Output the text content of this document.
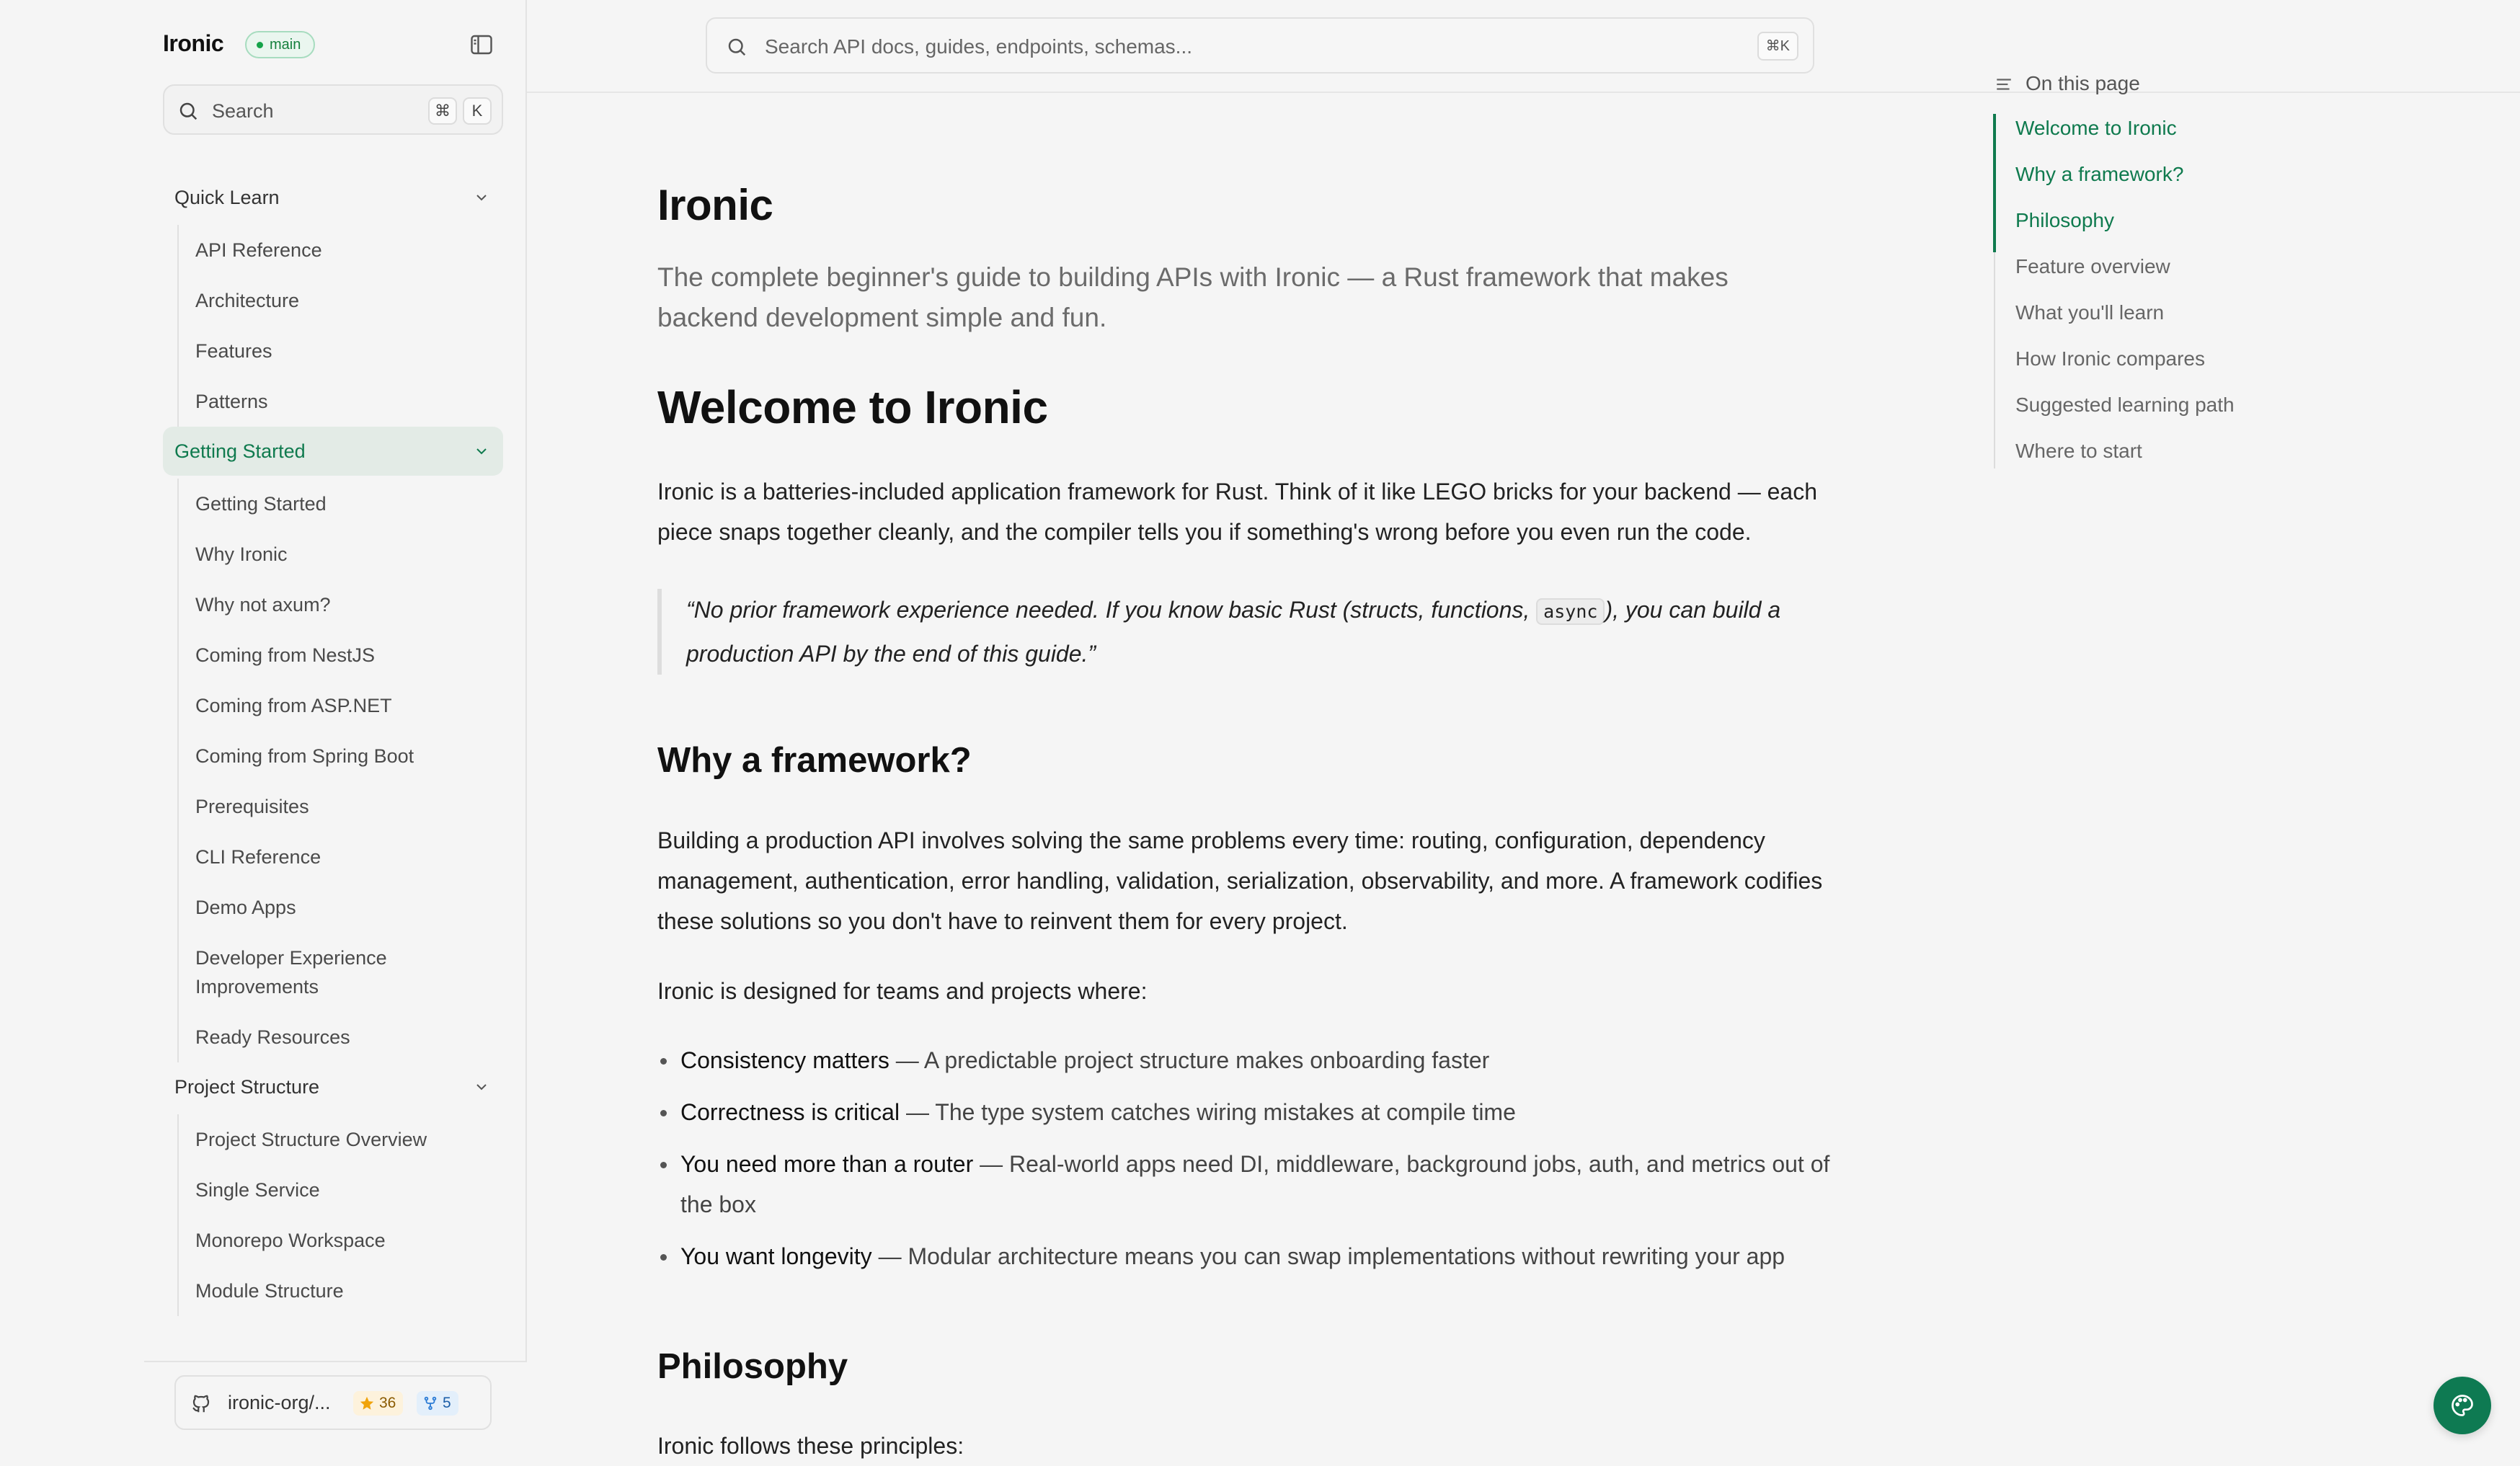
Ironic	main
Search	⌘	K
Quick Learn
API Reference
Architecture
Features
Patterns
Getting Started
Getting Started
Why Ironic
Why not axum?
Coming from NestJS
Coming from ASP.NET
Coming from Spring Boot
Prerequisites
CLI Reference
Demo Apps
Developer Experience Improvements
Ready Resources
Project Structure
Project Structure Overview
Single Service
Monorepo Workspace
Module Structure
ironic-org/...	36	5
Search API docs, guides, endpoints, schemas...	⌘K
Ironic

The complete beginner's guide to building APIs with Ironic — a Rust framework that makes backend development simple and fun.

Welcome to Ironic

Ironic is a batteries-included application framework for Rust. Think of it like LEGO bricks for your backend — each piece snaps together cleanly, and the compiler tells you if something's wrong before you even run the code.

“No prior framework experience needed. If you know basic Rust (structs, functions, async ), you can build a production API by the end of this guide.”
Why a framework?

Building a production API involves solving the same problems every time: routing, configuration, dependency management, authentication, error handling, validation, serialization, observability, and more. A framework codifies these solutions so you don't have to reinvent them for every project.

Ironic is designed for teams and projects where:

Consistency matters — A predictable project structure makes onboarding faster
Correctness is critical — The type system catches wiring mistakes at compile time
You need more than a router — Real-world apps need DI, middleware, background jobs, auth, and metrics out of the box
You want longevity — Modular architecture means you can swap implementations without rewriting your app
Philosophy

Ironic follows these principles:

On this page
Welcome to Ironic
Why a framework?
Philosophy
Feature overview
What you'll learn
How Ironic compares
Suggested learning path
Where to start
